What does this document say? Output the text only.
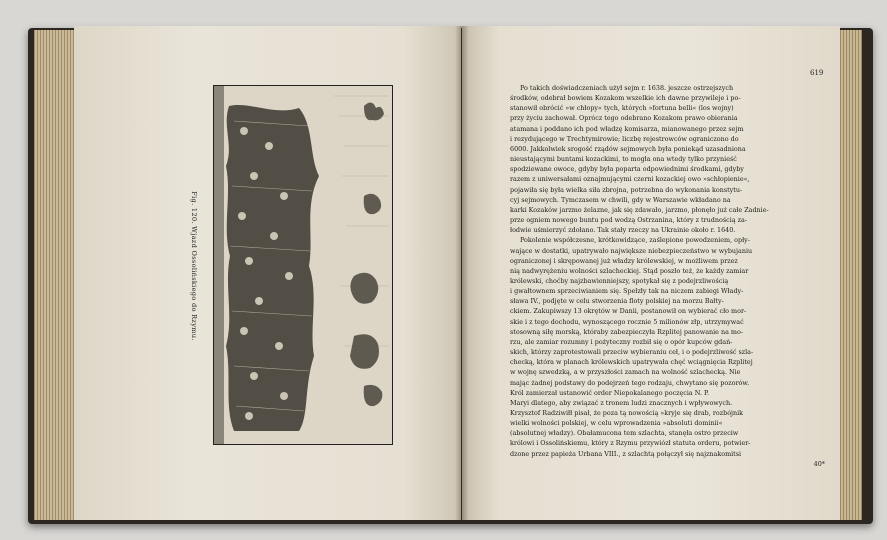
Fig. 120. Wjazd Ossolińskiego do Rzymu.
619

Po takich doświadczeniach użył sejm r. 1638. jeszcze ostrzejszych
środków, odebrał bowiem Kozakom wszelkie ich dawne przywileje i po-
stanowił obrócić »w chłopy« tych, których »fortuna belli« (los wojny)
przy życiu zachował. Oprócz tego odebrano Kozakom prawo obierania
atamana i poddano ich pod władzę komisarza, mianowanego przez sejm
i rezydującego w Trechtymirowie; liczbę rejestrowców ograniczono do
6000. Jakkolwiek srogość rządów sejmowych była poniekąd uzasadniona
nieustającymi buntami kozackimi, to mogła ona wtedy tylko przynieść
spodziewane owoce, gdyby była poparta odpowiednimi środkami, gdyby
razem z uniwersałami oznajmującymi czerni kozackiej owo »schłopienie«,
pojawiła się była wielka siła zbrojna, potrzebna do wykonania konstytu-
cyj sejmowych. Tymczasem w chwili, gdy w Warszawie wkładano na
karki Kozaków jarzmo żelazne, jak się zdawało, jarzmo, płonęło już całe Zadnie-
prze ogniem nowego buntu pod wodzą Ostrzanina, który z trudnością za-
łodwie uśmierzyć zdołano. Tak stały rzeczy na Ukrainie około r. 1640.

Pokolenie współczesne, krótkowidzące, zaślepione powodzeniem, opły-
wające w dostatki, upatrywało największe niebezpieczeństwo w wybujaniu
ograniczonej i skrępowanej już władzy królewskiej, w możliwem przez
nią nadwyrężeniu wolności szlacheckiej. Stąd poszło też, że każdy zamiar
królewski, choćby najzbawienniejszy, spotykał się z podejrzliwością
i gwałtownem sprzeciwianiem się. Spełzły tak na niczem zabiegi Włady-
sława IV., podjęte w celu stworzenia floty polskiej na morzu Bałty-
ckiem. Zakupiwszy 13 okrętów w Danii, postanowił on wybierać cło mor-
skie i z tego dochodu, wynoszącego rocznie 5 milionów złp, utrzymywać
stosowną siłę morską, któraby zabezpieczyła Rzplitej panowanie na mo-
rzu, ale zamiar rozumny i pożyteczny rozbił się o opór kupców gdań-
skich, którzy zaprotestowali przeciw wybieraniu ceł, i o podejrzliwość szla-
checką, która w planach królewskich upatrywała chęć wciągnięcia Rzplitej
w wojnę szwedzką, a w przyszłości zamach na wolność szlachecką. Nie
mając żadnej podstawy do podejrzeń tego rodzaju, chwytano się pozorów.
Król zamierzał ustanowić order Niepokalanego poczęcia N. P.
Maryi dlatego, aby związać z tronem ludzi znacznych i wpływowych.
Krzysztof Radziwiłł pisał, że poza tą nowością »kryje się drab, rozbójnik
wielki wolności polskiej, w celu wprowadzenia »absoluti dominii«
(absolutnej władzy). Obałamucona tem szlachta, stanęła ostro przeciw
królowi i Ossolińskiemu, który z Rzymu przywiózł statuta orderu, potwier-
dzone przez papieża Urbana VIII., z szlachtą połączył się najznakomitsi

40*
